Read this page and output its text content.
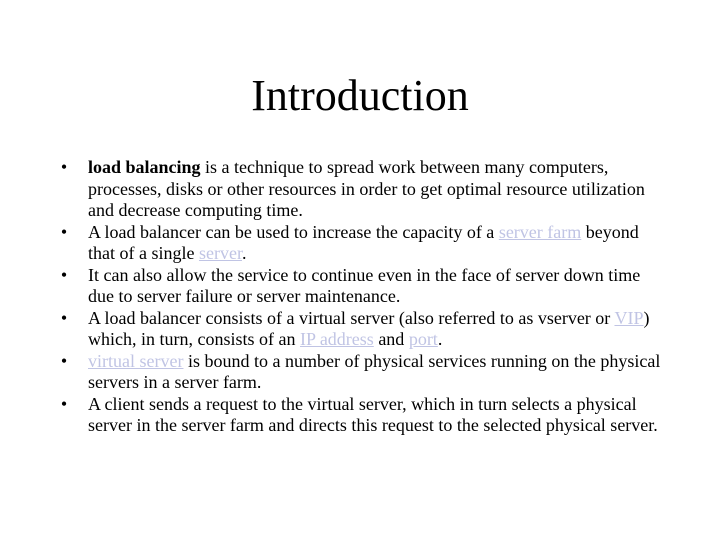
Introduction
• load balancing is a technique to spread work between many computers, processes, disks or other resources in order to get optimal resource utilization and decrease computing time.
• A load balancer can be used to increase the capacity of a server farm beyond that of a single server.
• It can also allow the service to continue even in the face of server down time due to server failure or server maintenance.
• A load balancer consists of a virtual server (also referred to as vserver or VIP) which, in turn, consists of an IP address and port.
• virtual server is bound to a number of physical services running on the physical servers in a server farm.
• A client sends a request to the virtual server, which in turn selects a physical server in the server farm and directs this request to the selected physical server.
